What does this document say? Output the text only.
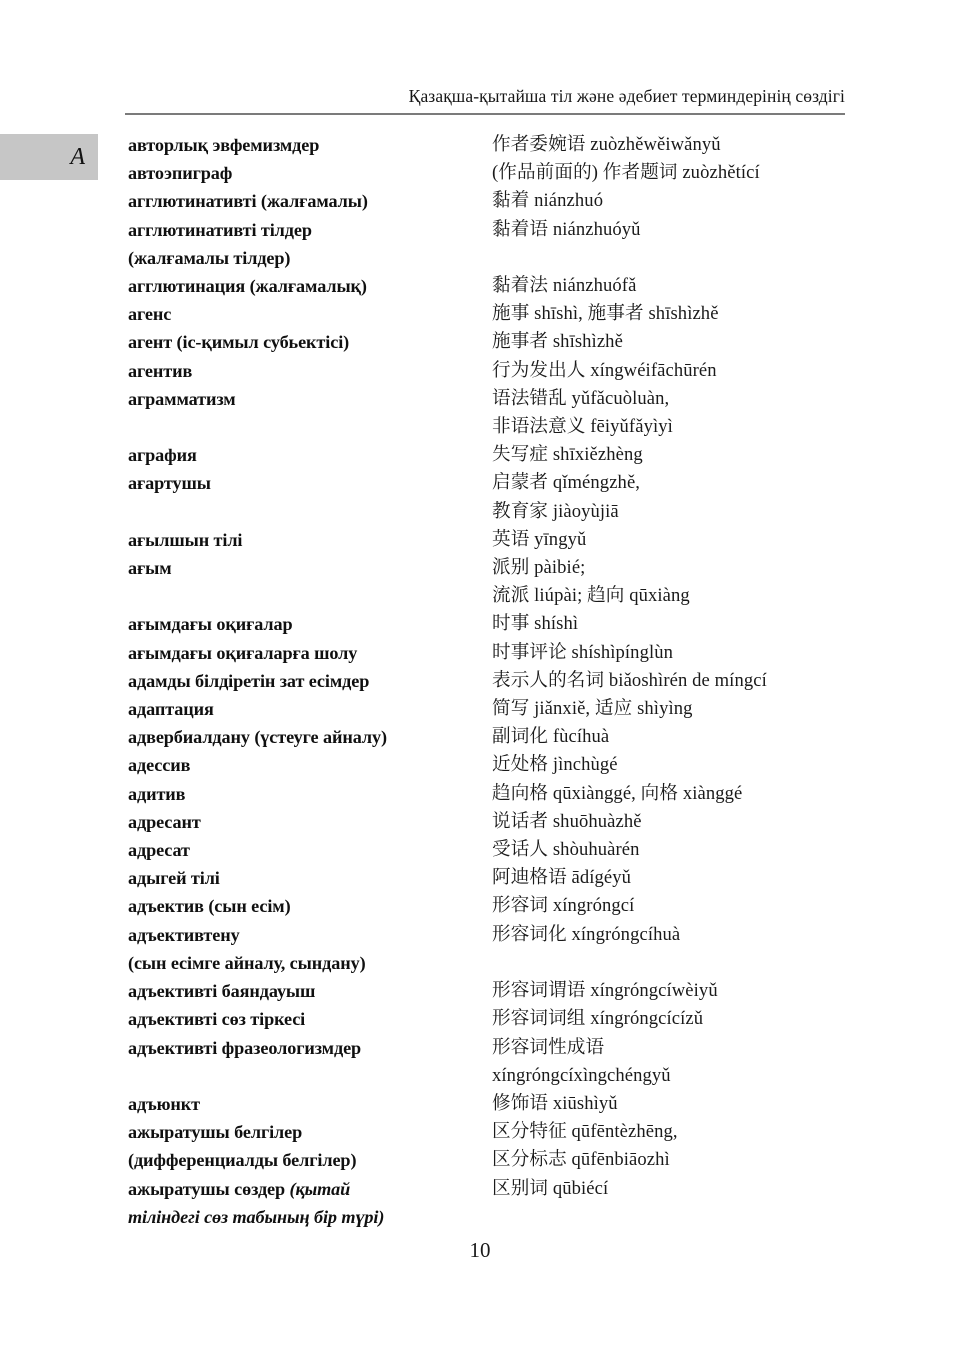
Қазақша-қытайша тіл және әдебиет терминдерінің сөздігі
A авторлық эвфемизмдер	作者委婉语 zuòzhěwěiwǎnyǔ
автоэпиграф	(作品前面的) 作者题词 zuòzhětící
агглютинативті (жалғамалы)	黏着 niánzhuó
агглютинативті тілдер	黏着语 niánzhuóyǔ
(жалғамалы тілдер)

агглютинация (жалғамалық)	黏着法 niánzhuófǎ
агенс	施事 shīshì, 施事者 shīshìzhě
агент (іс-қимыл субьектісі)	施事者 shīshìzhě
агентив	行为发出人 xíngwéifāchūrén
аграмматизм	语法错乱 yǔfǎcuòluàn,

非语法意义 fēiyǔfǎyìyì
аграфия	失写症 shīxiězhèng
ағартушы	启蒙者 qǐméngzhě,

教育家 jiàoyùjiā
ағылшын тілі	英语 yīngyǔ
ағым	派别 pàibié;

流派 liúpài; 趋向 qūxiàng
ағымдағы оқиғалар	时事 shíshì
ағымдағы оқиғаларға шолу	时事评论 shíshìpínglùn
адамды білдіретін зат есімдер	表示人的名词 biǎoshìrén de míngcí
адаптация	简写 jiǎnxiě, 适应 shìyìng
адвербиалдану (үстеуге айналу)	副词化 fùcíhuà
адессив	近处格 jìnchùgé
адитив	趋向格 qūxiànggé, 向格 xiànggé
адресант	说话者 shuōhuàzhě
адресат	受话人 shòuhuàrén
адыгей тілі	阿迪格语 ādígéyǔ
адъектив (сын есім)	形容词 xíngróngcí
адъективтену	形容词化 xíngróngcíhuà
(сын есімге айналу, сындану)

адъективті баяндауыш	形容词谓语 xíngróngcíwèiyǔ
адъективті сөз тіркесі	形容词词组 xíngróngcícízǔ
адъективті фразеологизмдер	形容词性成语

xíngróngcíxìngchéngyǔ
адъюнкт	修饰语 xiūshìyǔ
ажыратушы белгілер	区分特征 qūfēntèzhēng,
(дифференциалды белгілер)	区分标志 qūfēnbiāozhì
ажыратушы сөздер (қытай	区别词 qūbiécí
тіліндегі сөз табының бір түрі)

10
